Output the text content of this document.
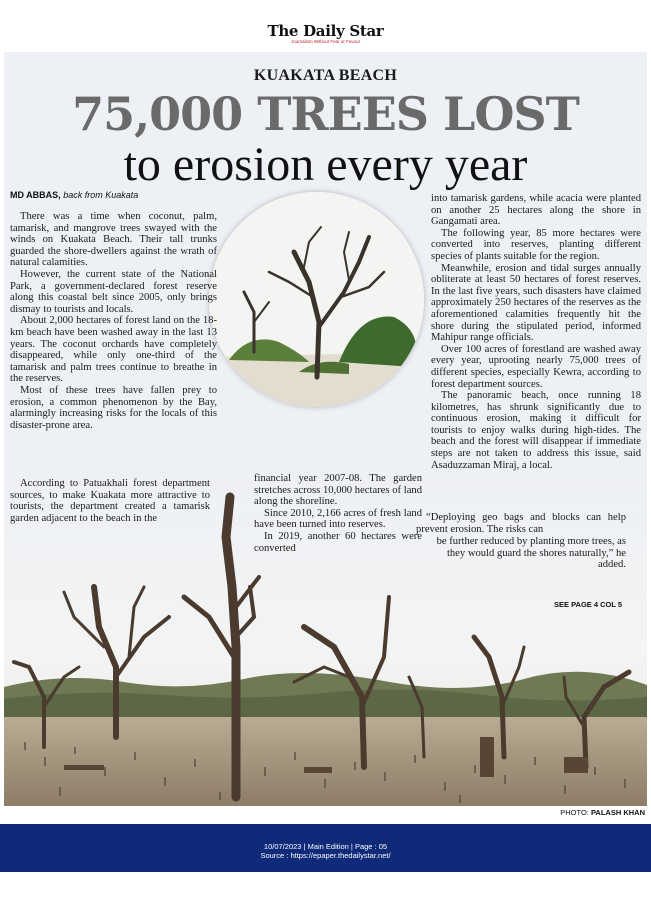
The Daily Star
Journalism Without Fear or Favour
KUAKATA BEACH
75,000 TREES LOST
to erosion every year
MD ABBAS, back from Kuakata

There was a time when coconut, palm, tamarisk, and mangrove trees swayed with the winds on Kuakata Beach. Their tall trunks guarded the shore-dwellers against the wrath of natural calamities.

However, the current state of the National Park, a government-declared forest reserve along this coastal belt since 2005, only brings dismay to tourists and locals.

About 2,000 hectares of forest land on the 18-km beach have been washed away in the last 13 years. The coconut orchards have completely disappeared, while only one-third of the tamarisk and palm trees continue to breathe in the reserves.

Most of these trees have fallen prey to erosion, a common phenomenon by the Bay, alarmingly increasing risks for the locals of this disaster-prone area.

According to Patuakhali forest department sources, to make Kuakata more attractive to tourists, the department created a tamarisk garden adjacent to the beach in the

financial year 2007-08. The garden stretches across 10,000 hectares of land along the shoreline.

Since 2010, 2,166 acres of fresh land have been turned into reserves.

In 2019, another 60 hectares were converted

into tamarisk gardens, while acacia were planted on another 25 hectares along the shore in Gangamati area.

The following year, 85 more hectares were converted into reserves, planting different species of plants suitable for the region.

Meanwhile, erosion and tidal surges annually obliterate at least 50 hectares of forest reserves. In the last five years, such disasters have claimed approximately 250 hectares of the reserves as the aforementioned calamities frequently hit the shore during the stipulated period, informed Mahipur range officials.

Over 100 acres of forestland are washed away every year, uprooting nearly 75,000 trees of different species, especially Kewra, according to forest department sources.

The panoramic beach, once running 18 kilometres, has shrunk significantly due to continuous erosion, making it difficult for tourists to enjoy walks during high-tides. The beach and the forest will disappear if immediate steps are not taken to address this issue, said Asaduzzaman Miraj, a local.

“Deploying geo bags and blocks can help prevent erosion. The risks can

be further reduced by planting more trees, as they would guard the shores naturally,” he added.

SEE PAGE 4 COL 5
PHOTO: PALASH KHAN
10/07/2023 | Main Edition | Page : 05
Source : https://epaper.thedailystar.net/
